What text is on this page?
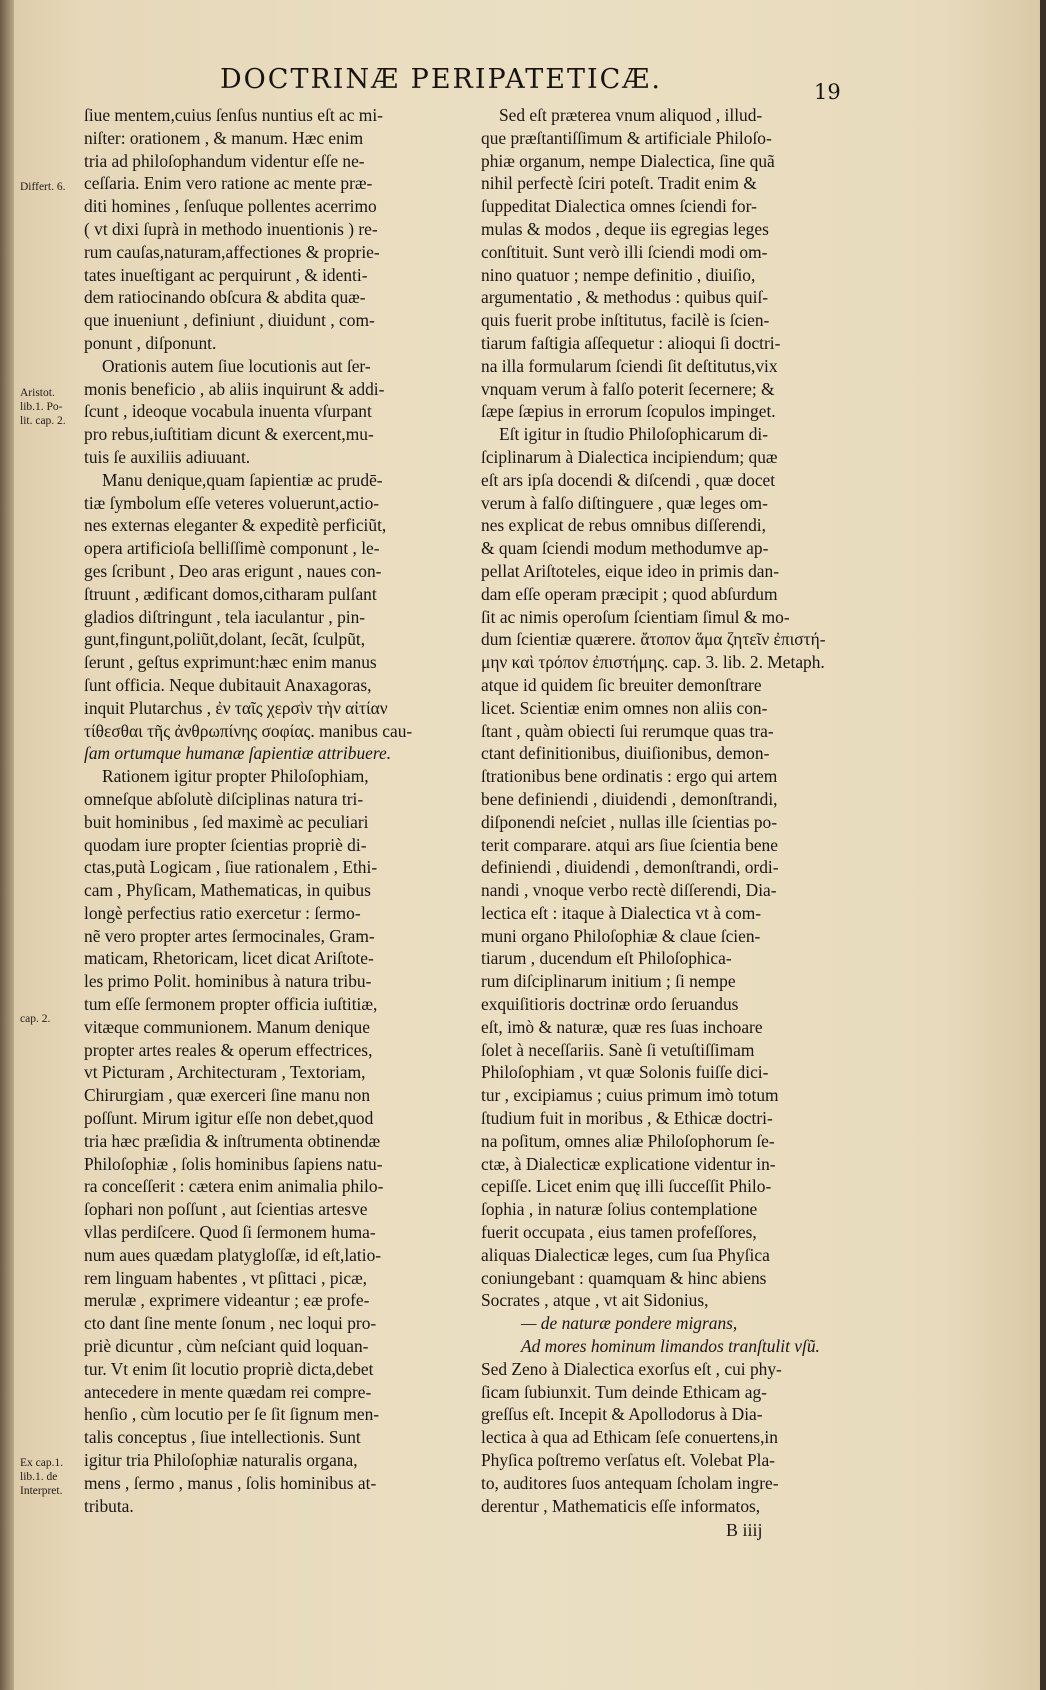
DOCTRINÆ PERIPATETICÆ.	19
Differt. 6.
Aristot.
lib.1. Po-
lit. cap. 2.
cap. 2.
Ex cap.1.
lib.1. de
Interpret.
ſiue mentem,cuius ſenſus nuntius eſt ac mi-
niſter: orationem , & manum. Hæc enim
tria ad philoſophandum videntur eſſe ne-
ceſſaria. Enim vero ratione ac mente præ-
diti homines , ſenſuque pollentes acerrimo
( vt dixi ſuprà in methodo inuentionis ) re-
rum cauſas,naturam,affectiones & proprie-
tates inueſtigant ac perquirunt , & identi-
dem ratiocinando obſcura & abdita quæ-
que inueniunt , definiunt , diuidunt , com-
ponunt , diſponunt.
Orationis autem ſiue locutionis aut ſer-
monis beneficio , ab aliis inquirunt & addi-
ſcunt , ideoque vocabula inuenta vſurpant
pro rebus,iuſtitiam dicunt & exercent,mu-
tuis ſe auxiliis adiuuant.
Manu denique,quam ſapientiæ ac prudē-
tiæ ſymbolum eſſe veteres voluerunt,actio-
nes externas eleganter & expeditè perficiũt,
opera artificioſa belliſſimè componunt , le-
ges ſcribunt , Deo aras erigunt , naues con-
ſtruunt , ædificant domos,citharam pulſant
gladios diſtringunt , tela iaculantur , pin-
gunt,fingunt,poliũt,dolant, ſecãt, ſculpũt,
ſerunt , geſtus exprimunt:hæc enim manus
ſunt officia. Neque dubitauit Anaxagoras,
inquit Plutarchus , ἐν ταῖς χερσὶν τὴν αἰτίαν
τίθεσθαι τῆς ἀνθρωπίνης σοφίας. manibus cau-
ſam ortumque humanæ ſapientiæ attribuere.
Rationem igitur propter Philoſophiam,
omneſque abſolutè diſciplinas natura tri-
buit hominibus , ſed maximè ac peculiari
quodam iure propter ſcientias propriè di-
ctas,putà Logicam , ſiue rationalem , Ethi-
cam , Phyſicam, Mathematicas, in quibus
longè perfectius ratio exercetur : ſermo-
nẽ vero propter artes ſermocinales, Gram-
maticam, Rhetoricam, licet dicat Ariſtote-
les primo Polit. hominibus à natura tribu-
tum eſſe ſermonem propter officia iuſtitiæ,
vitæque communionem. Manum denique
propter artes reales & operum effectrices,
vt Picturam , Architecturam , Textoriam,
Chirurgiam , quæ exerceri ſine manu non
poſſunt. Mirum igitur eſſe non debet,quod
tria hæc præſidia & inſtrumenta obtinendæ
Philoſophiæ , ſolis hominibus ſapiens natu-
ra conceſſerit : cætera enim animalia philo-
ſophari non poſſunt , aut ſcientias artesve
vllas perdiſcere. Quod ſi ſermonem huma-
num aues quædam platygloſſæ, id eſt,latio-
rem linguam habentes , vt pſittaci , picæ,
merulæ , exprimere videantur ; eæ profe-
cto dant ſine mente ſonum , nec loqui pro-
priè dicuntur , cùm neſciant quid loquan-
tur. Vt enim ſit locutio propriè dicta,debet
antecedere in mente quædam rei compre-
henſio , cùm locutio per ſe ſit ſignum men-
talis conceptus , ſiue intellectionis. Sunt
igitur tria Philoſophiæ naturalis organa,
mens , ſermo , manus , ſolis hominibus at-
tributa.
Sed eſt præterea vnum aliquod , illud-
que præſtantiſſimum & artificiale Philoſo-
phiæ organum, nempe Dialectica, ſine quã
nihil perfectè ſciri poteſt. Tradit enim &
ſuppeditat Dialectica omnes ſciendi for-
mulas & modos , deque iis egregias leges
conſtituit. Sunt verò illi ſciendi modi om-
nino quatuor ; nempe definitio , diuiſio,
argumentatio , & methodus : quibus quiſ-
quis fuerit probe inſtitutus, facilè is ſcien-
tiarum faſtigia aſſequetur : alioqui ſi doctri-
na illa formularum ſciendi ſit deſtitutus,vix
vnquam verum à falſo poterit ſecernere; &
ſæpe ſæpius in errorum ſcopulos impinget.
Eſt igitur in ſtudio Philoſophicarum di-
ſciplinarum à Dialectica incipiendum; quæ
eſt ars ipſa docendi & diſcendi , quæ docet
verum à falſo diſtinguere , quæ leges om-
nes explicat de rebus omnibus diſſerendi,
& quam ſciendi modum methodumve ap-
pellat Ariſtoteles, eique ideo in primis dan-
dam eſſe operam præcipit ; quod abſurdum
ſit ac nimis operoſum ſcientiam ſimul & mo-
dum ſcientiæ quærere. ἄτοπον ἅμα ζητεῖν ἐπιστή-
μην καὶ τρόπον ἐπιστήμης. cap. 3. lib. 2. Metaph.
atque id quidem ſic breuiter demonſtrare
licet. Scientiæ enim omnes non aliis con-
ſtant , quàm obiecti ſui rerumque quas tra-
ctant definitionibus, diuiſionibus, demon-
ſtrationibus bene ordinatis : ergo qui artem
bene definiendi , diuidendi , demonſtrandi,
diſponendi neſciet , nullas ille ſcientias po-
terit comparare. atqui ars ſiue ſcientia bene
definiendi , diuidendi , demonſtrandi, ordi-
nandi , vnoque verbo rectè diſſerendi, Dia-
lectica eſt : itaque à Dialectica vt à com-
muni organo Philoſophiæ & claue ſcien-
tiarum , ducendum eſt Philoſophica-
rum diſciplinarum initium ; ſi nempe
exquiſitioris doctrinæ ordo ſeruandus
eſt, imò & naturæ, quæ res ſuas inchoare
ſolet à neceſſariis. Sanè ſi vetuſtiſſimam
Philoſophiam , vt quæ Solonis fuiſſe dici-
tur , excipiamus ; cuius primum imò totum
ſtudium fuit in moribus , & Ethicæ doctri-
na poſitum, omnes aliæ Philoſophorum ſe-
ctæ, à Dialecticæ explicatione videntur in-
cepiſſe. Licet enim quę illi ſucceſſit Philo-
ſophia , in naturæ ſolius contemplatione
fuerit occupata , eius tamen profeſſores,
aliquas Dialecticæ leges, cum ſua Phyſica
coniungebant : quamquam & hinc abiens
Socrates , atque , vt ait Sidonius,
— de naturæ pondere migrans,
Ad mores hominum limandos tranſtulit vſũ.
Sed Zeno à Dialectica exorſus eſt , cui phy-
ſicam ſubiunxit. Tum deinde Ethicam ag-
greſſus eſt. Incepit & Apollodorus à Dia-
lectica à qua ad Ethicam ſeſe conuertens,in
Phyſica poſtremo verſatus eſt. Volebat Pla-
to, auditores ſuos antequam ſcholam ingre-
derentur , Mathematicis eſſe informatos,
B iiij
